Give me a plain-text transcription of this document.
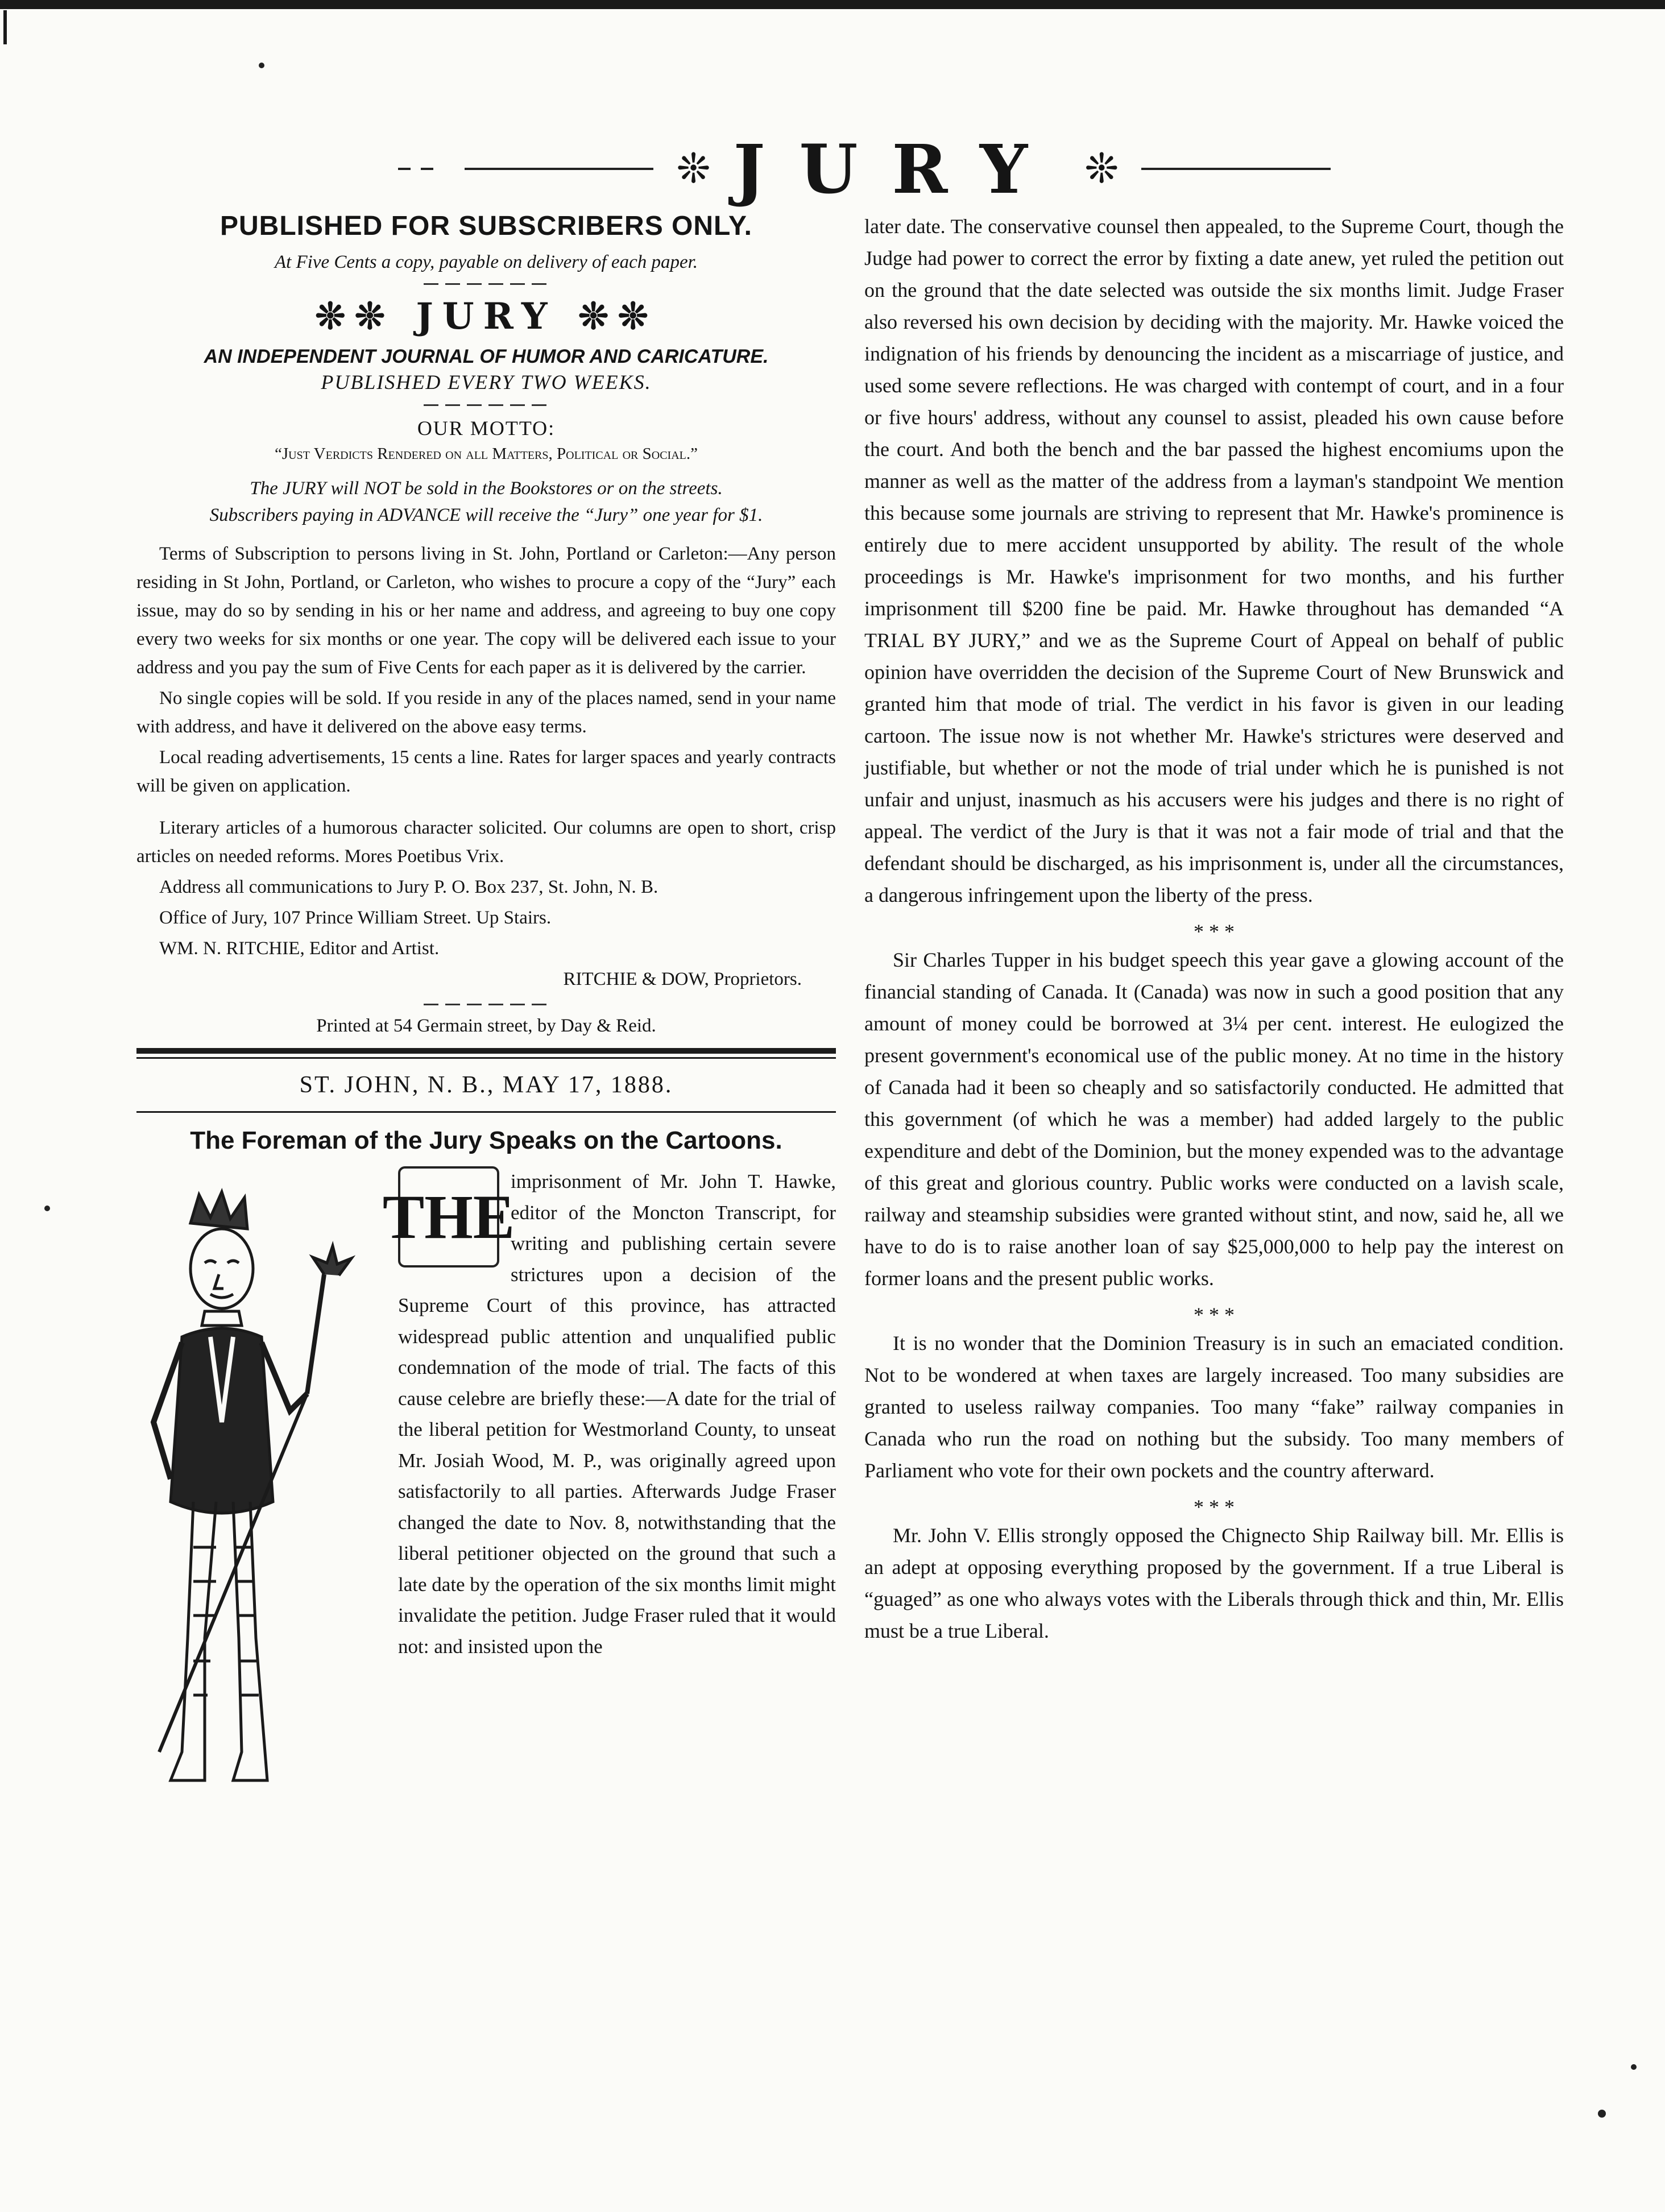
❊ JURY ❊
PUBLISHED FOR SUBSCRIBERS ONLY.
At Five Cents a copy, payable on delivery of each paper.
❊❊ JURY ❊❊
AN INDEPENDENT JOURNAL OF HUMOR AND CARICATURE.
PUBLISHED EVERY TWO WEEKS.
OUR MOTTO:
“Just Verdicts Rendered on all Matters, Political or Social.”
The JURY will NOT be sold in the Bookstores or on the streets.
Subscribers paying in ADVANCE will receive the “Jury” one year for $1.

Terms of Subscription to persons living in St. John, Portland or Carleton:—Any person residing in St John, Portland, or Carleton, who wishes to procure a copy of the “Jury” each issue, may do so by sending in his or her name and address, and agreeing to buy one copy every two weeks for six months or one year. The copy will be delivered each issue to your address and you pay the sum of Five Cents for each paper as it is delivered by the carrier.

No single copies will be sold. If you reside in any of the places named, send in your name with address, and have it delivered on the above easy terms.

Local reading advertisements, 15 cents a line. Rates for larger spaces and yearly contracts will be given on application.

Literary articles of a humorous character solicited. Our columns are open to short, crisp articles on needed reforms. Mores Poetibus Vrix.

Address all communications to Jury P. O. Box 237, St. John, N. B.

Office of Jury, 107 Prince William Street. Up Stairs.

WM. N. RITCHIE, Editor and Artist.

RITCHIE & DOW, Proprietors.

Printed at 54 Germain street, by Day & Reid.
ST. JOHN, N. B., MAY 17, 1888.
The Foreman of the Jury Speaks on the Cartoons.
THE

imprisonment of Mr. John T. Hawke, editor of the Moncton Transcript, for writing and publishing certain severe strictures upon a decision of the Supreme Court of this province, has attracted widespread public attention and unqualified public condemnation of the mode of trial. The facts of this cause celebre are briefly these:—A date for the trial of the liberal petition for Westmorland County, to unseat Mr. Josiah Wood, M. P., was originally agreed upon satisfactorily to all parties. Afterwards Judge Fraser changed the date to Nov. 8, notwithstanding that the liberal petitioner objected on the ground that such a late date by the operation of the six months limit might invalidate the petition. Judge Fraser ruled that it would not: and insisted upon the

later date. The conservative counsel then appealed, to the Supreme Court, though the Judge had power to correct the error by fixting a date anew, yet ruled the petition out on the ground that the date selected was outside the six months limit. Judge Fraser also reversed his own decision by deciding with the majority. Mr. Hawke voiced the indignation of his friends by denouncing the incident as a miscarriage of justice, and used some severe reflections. He was charged with contempt of court, and in a four or five hours' address, without any counsel to assist, pleaded his own cause before the court. And both the bench and the bar passed the highest encomiums upon the manner as well as the matter of the address from a layman's standpoint We mention this because some journals are striving to represent that Mr. Hawke's prominence is entirely due to mere accident unsupported by ability. The result of the whole proceedings is Mr. Hawke's imprisonment for two months, and his further imprisonment till $200 fine be paid. Mr. Hawke throughout has demanded “A TRIAL BY JURY,” and we as the Supreme Court of Appeal on behalf of public opinion have overridden the decision of the Supreme Court of New Brunswick and granted him that mode of trial. The verdict in his favor is given in our leading cartoon. The issue now is not whether Mr. Hawke's strictures were deserved and justifiable, but whether or not the mode of trial under which he is punished is not unfair and unjust, inasmuch as his accusers were his judges and there is no right of appeal. The verdict of the Jury is that it was not a fair mode of trial and that the defendant should be discharged, as his imprisonment is, under all the circumstances, a dangerous infringement upon the liberty of the press.

* * *

Sir Charles Tupper in his budget speech this year gave a glowing account of the financial standing of Canada. It (Canada) was now in such a good position that any amount of money could be borrowed at 3¼ per cent. interest. He eulogized the present government's economical use of the public money. At no time in the history of Canada had it been so cheaply and so satisfactorily conducted. He admitted that this government (of which he was a member) had added largely to the public expenditure and debt of the Dominion, but the money expended was to the advantage of this great and glorious country. Public works were conducted on a lavish scale, railway and steamship subsidies were granted without stint, and now, said he, all we have to do is to raise another loan of say $25,000,000 to help pay the interest on former loans and the present public works.

* * *

It is no wonder that the Dominion Treasury is in such an emaciated condition. Not to be wondered at when taxes are largely increased. Too many subsidies are granted to useless railway companies. Too many “fake” railway companies in Canada who run the road on nothing but the subsidy. Too many members of Parliament who vote for their own pockets and the country afterward.

* * *

Mr. John V. Ellis strongly opposed the Chignecto Ship Railway bill. Mr. Ellis is an adept at opposing everything proposed by the government. If a true Liberal is “guaged” as one who always votes with the Liberals through thick and thin, Mr. Ellis must be a true Liberal.
